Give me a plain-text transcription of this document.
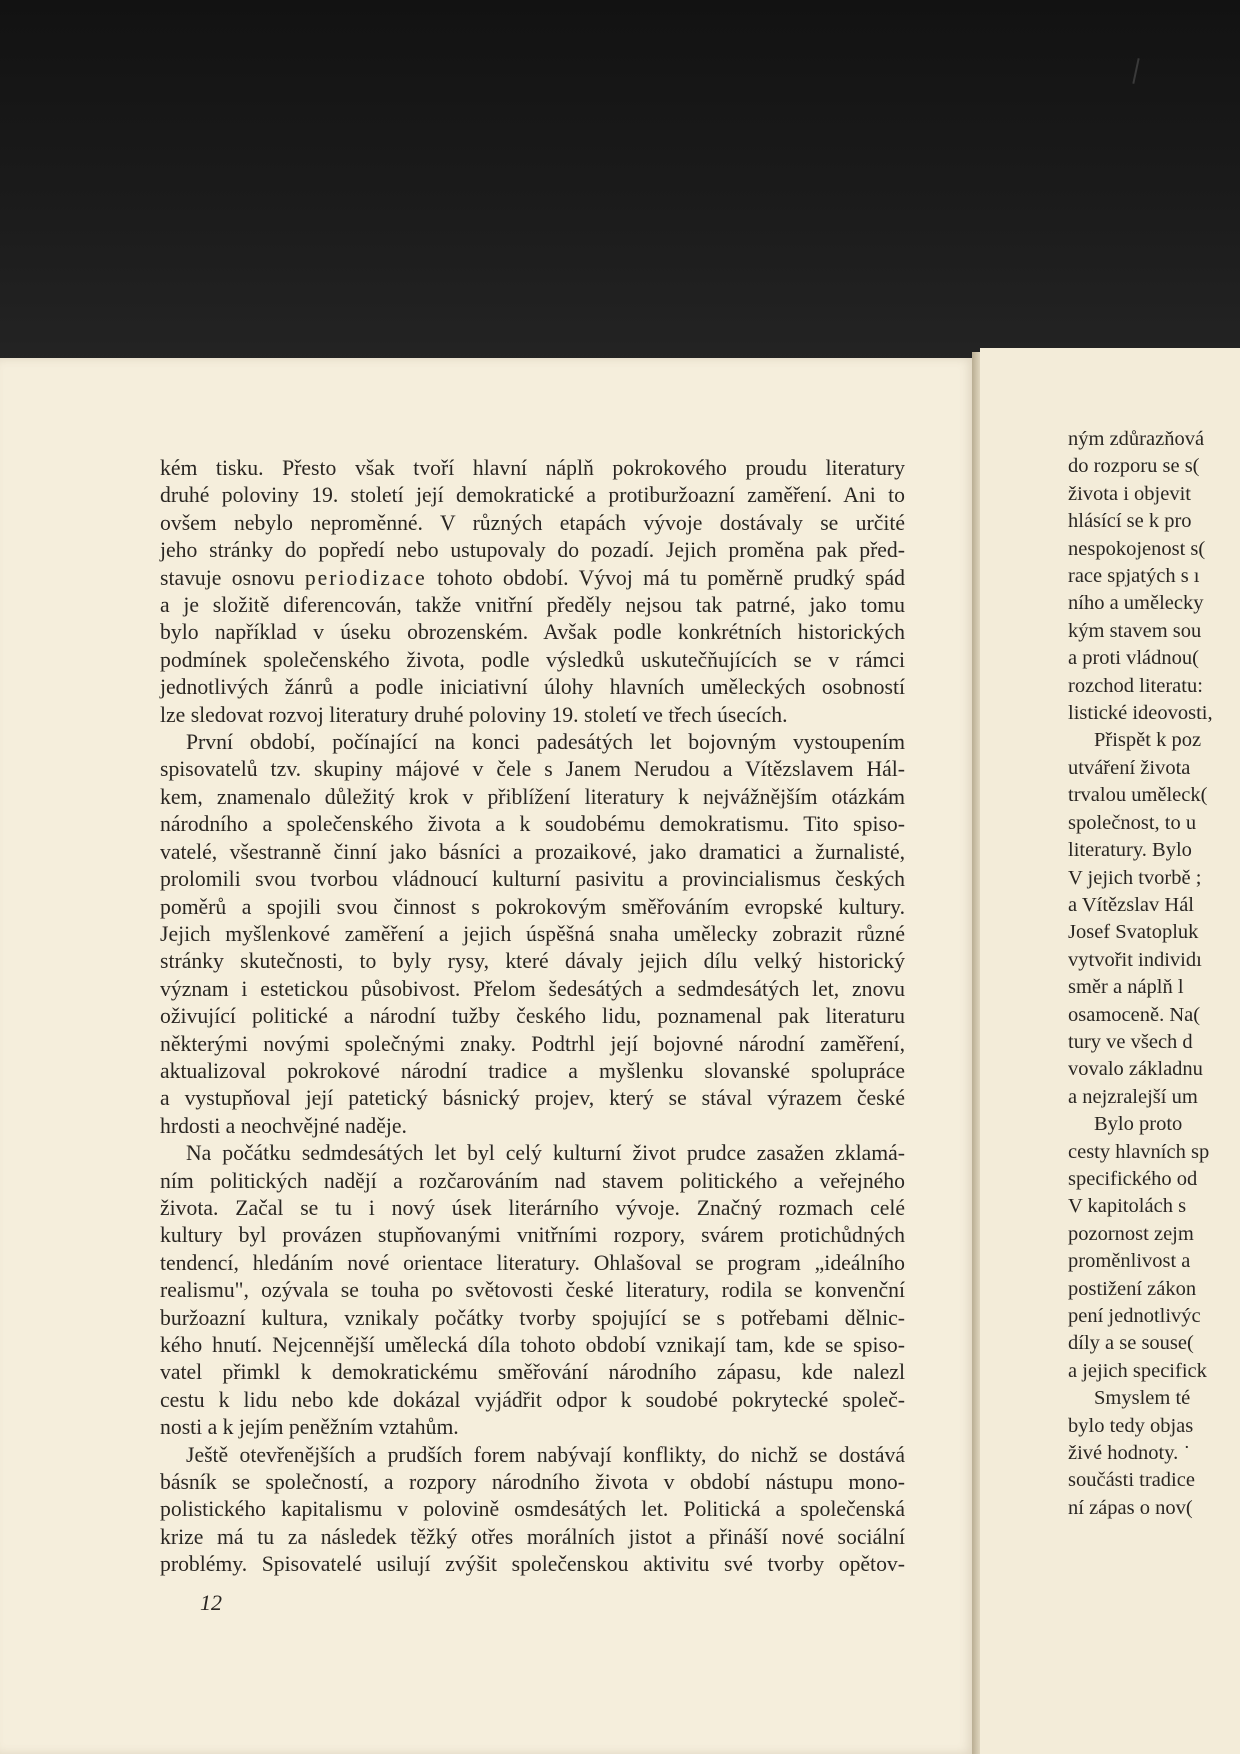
kém tisku. Přesto však tvoří hlavní náplň pokrokového proudu literatury
druhé poloviny 19. století její demokratické a protiburžoazní zaměření. Ani to
ovšem nebylo neproměnné. V různých etapách vývoje dostávaly se určité
jeho stránky do popředí nebo ustupovaly do pozadí. Jejich proměna pak před-
stavuje osnovu periodizace tohoto období. Vývoj má tu poměrně prudký spád
a je složitě diferencován, takže vnitřní předěly nejsou tak patrné, jako tomu
bylo například v úseku obrozenském. Avšak podle konkrétních historických
podmínek společenského života, podle výsledků uskutečňujících se v rámci
jednotlivých žánrů a podle iniciativní úlohy hlavních uměleckých osobností
lze sledovat rozvoj literatury druhé poloviny 19. století ve třech úsecích.
První období, počínající na konci padesátých let bojovným vystoupením
spisovatelů tzv. skupiny májové v čele s Janem Nerudou a Vítězslavem Hál-
kem, znamenalo důležitý krok v přiblížení literatury k nejvážnějším otázkám
národního a společenského života a k soudobému demokratismu. Tito spiso-
vatelé, všestranně činní jako básníci a prozaikové, jako dramatici a žurnalisté,
prolomili svou tvorbou vládnoucí kulturní pasivitu a provincialismus českých
poměrů a spojili svou činnost s pokrokovým směřováním evropské kultury.
Jejich myšlenkové zaměření a jejich úspěšná snaha umělecky zobrazit různé
stránky skutečnosti, to byly rysy, které dávaly jejich dílu velký historický
význam i estetickou působivost. Přelom šedesátých a sedmdesátých let, znovu
oživující politické a národní tužby českého lidu, poznamenal pak literaturu
některými novými společnými znaky. Podtrhl její bojovné národní zaměření,
aktualizoval pokrokové národní tradice a myšlenku slovanské spolupráce
a vystupňoval její patetický básnický projev, který se stával výrazem české
hrdosti a neochvějné naděje.
Na počátku sedmdesátých let byl celý kulturní život prudce zasažen zklamá-
ním politických nadějí a rozčarováním nad stavem politického a veřejného
života. Začal se tu i nový úsek literárního vývoje. Značný rozmach celé
kultury byl provázen stupňovanými vnitřními rozpory, svárem protichůdných
tendencí, hledáním nové orientace literatury. Ohlašoval se program „ideálního
realismu", ozývala se touha po světovosti české literatury, rodila se konvenční
buržoazní kultura, vznikaly počátky tvorby spojující se s potřebami dělnic-
kého hnutí. Nejcennější umělecká díla tohoto období vznikají tam, kde se spiso-
vatel přimkl k demokratickému směřování národního zápasu, kde nalezl
cestu k lidu nebo kde dokázal vyjádřit odpor k soudobé pokrytecké společ-
nosti a k jejím peněžním vztahům.
Ještě otevřenějších a prudších forem nabývají konflikty, do nichž se dostává
básník se společností, a rozpory národního života v období nástupu mono-
polistického kapitalismu v polovině osmdesátých let. Politická a společenská
krize má tu za následek těžký otřes morálních jistot a přináší nové sociální
problémy. Spisovatelé usilují zvýšit společenskou aktivitu své tvorby opětov-
12
ným zdůrazňová
do rozporu se s(
života i objevit
hlásící se k pro
nespokojenost s(
race spjatých s ı
ního a umělecky
kým stavem sou
a proti vládnou(
rozchod literatu:
listické ideovosti,
Přispět k poz
utváření života
trvalou uměleck(
společnost, to u
literatury. Bylo
V jejich tvorbě ;
a Vítězslav Hál
Josef Svatopluk
vytvořit individı
směr a náplň l
osamoceně. Na(
tury ve všech d
vovalo základnu
a nejzralejší um
Bylo proto
cesty hlavních sp
specifického od
V kapitolách s
pozornost zejm
proměnlivost a
postižení zákon
pení jednotlivýc
díly a se souse(
a jejich specifick
Smyslem té
bylo tedy objas
živé hodnoty. ˙
součásti tradice
ní zápas o nov(
